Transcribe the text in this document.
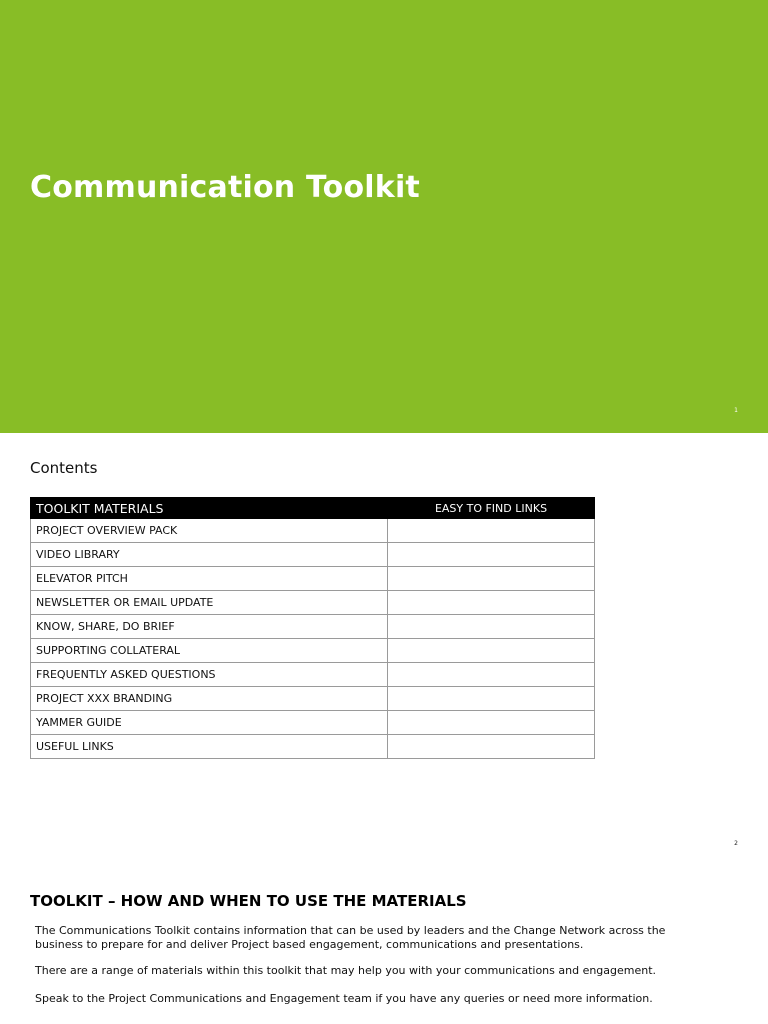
Communication Toolkit
1
Contents
TOOLKIT MATERIALS	EASY TO FIND LINKS
PROJECT OVERVIEW PACK	
VIDEO LIBRARY	
ELEVATOR PITCH	
NEWSLETTER OR EMAIL UPDATE	
KNOW, SHARE, DO BRIEF	
SUPPORTING COLLATERAL	
FREQUENTLY ASKED QUESTIONS	
PROJECT XXX BRANDING	
YAMMER GUIDE	
USEFUL LINKS	
2
TOOLKIT – HOW AND WHEN TO USE THE MATERIALS

The Communications Toolkit contains information that can be used by leaders and the Change Network across the business to prepare for and deliver Project based engagement, communications and presentations.

There are a range of materials within this toolkit that may help you with your communications and engagement.

Speak to the Project Communications and Engagement team if you have any queries or need more information.
